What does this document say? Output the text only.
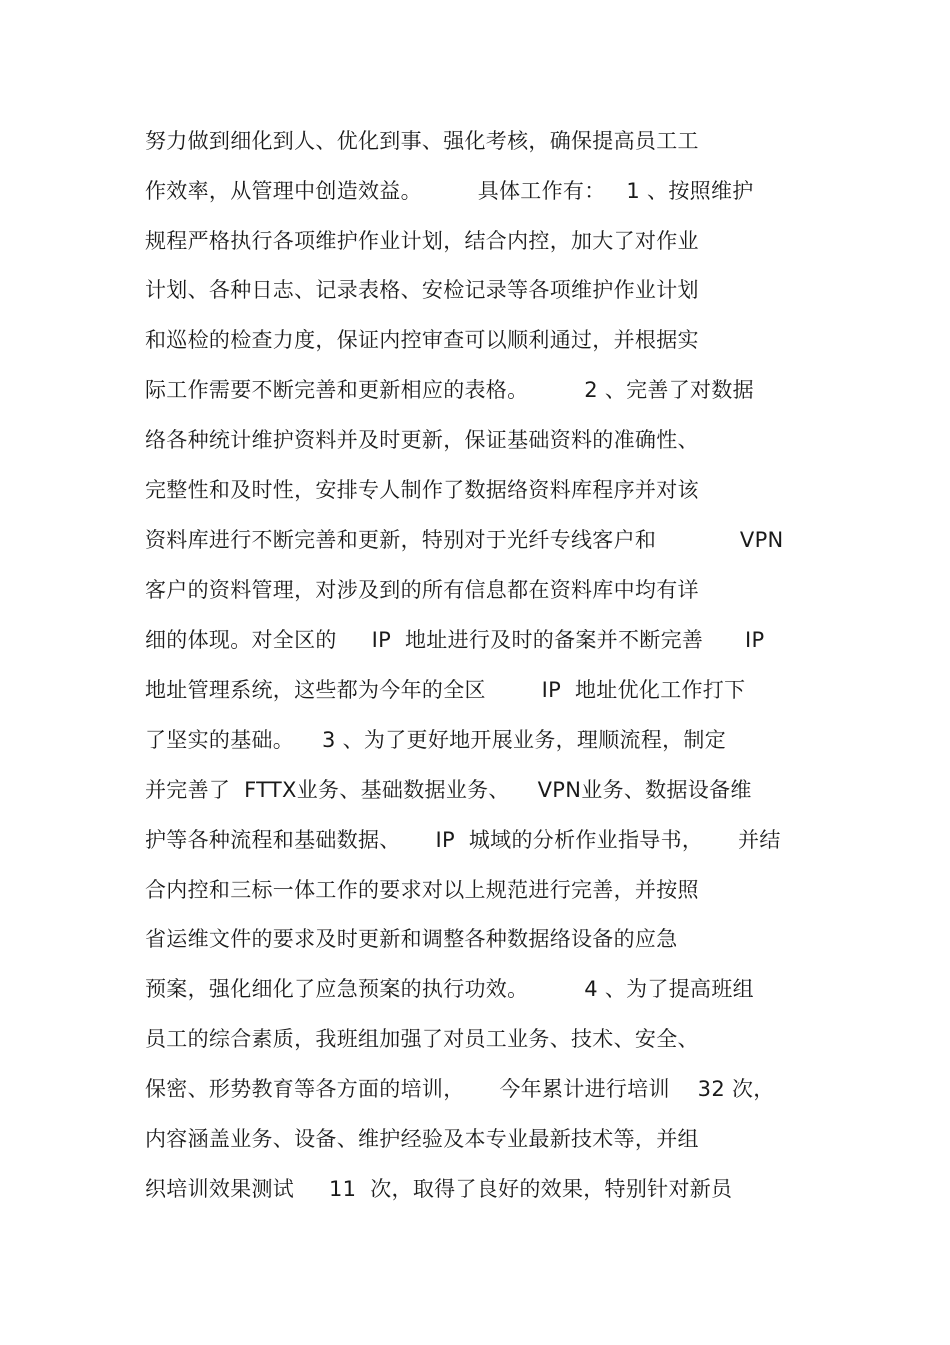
努力做到细化到人、优化到事、强化考核，确保提高员工工
作效率，从管理中创造效益。        具体工作有：   1 、按照维护
规程严格执行各项维护作业计划，结合内控，加大了对作业
计划、各种日志、记录表格、安检记录等各项维护作业计划
和巡检的检查力度，保证内控审查可以顺利通过，并根据实
际工作需要不断完善和更新相应的表格。        2 、完善了对数据
络各种统计维护资料并及时更新，保证基础资料的准确性、
完整性和及时性，安排专人制作了数据络资料库程序并对该
资料库进行不断完善和更新，特别对于光纤专线客户和            VPN
客户的资料管理，对涉及到的所有信息都在资料库中均有详
细的体现。对全区的     IP  地址进行及时的备案并不断完善      IP
地址管理系统，这些都为今年的全区        IP  地址优化工作打下
了坚实的基础。    3 、为了更好地开展业务，理顺流程，制定
并完善了  FTTX业务、基础数据业务、    VPN业务、数据设备维
护等各种流程和基础数据、     IP  城域的分析作业指导书，     并结
合内控和三标一体工作的要求对以上规范进行完善，并按照
省运维文件的要求及时更新和调整各种数据络设备的应急
预案，强化细化了应急预案的执行功效。        4 、为了提高班组
员工的综合素质，我班组加强了对员工业务、技术、安全、
保密、形势教育等各方面的培训，     今年累计进行培训    32 次，
内容涵盖业务、设备、维护经验及本专业最新技术等，并组
织培训效果测试     11  次，取得了良好的效果，特别针对新员
